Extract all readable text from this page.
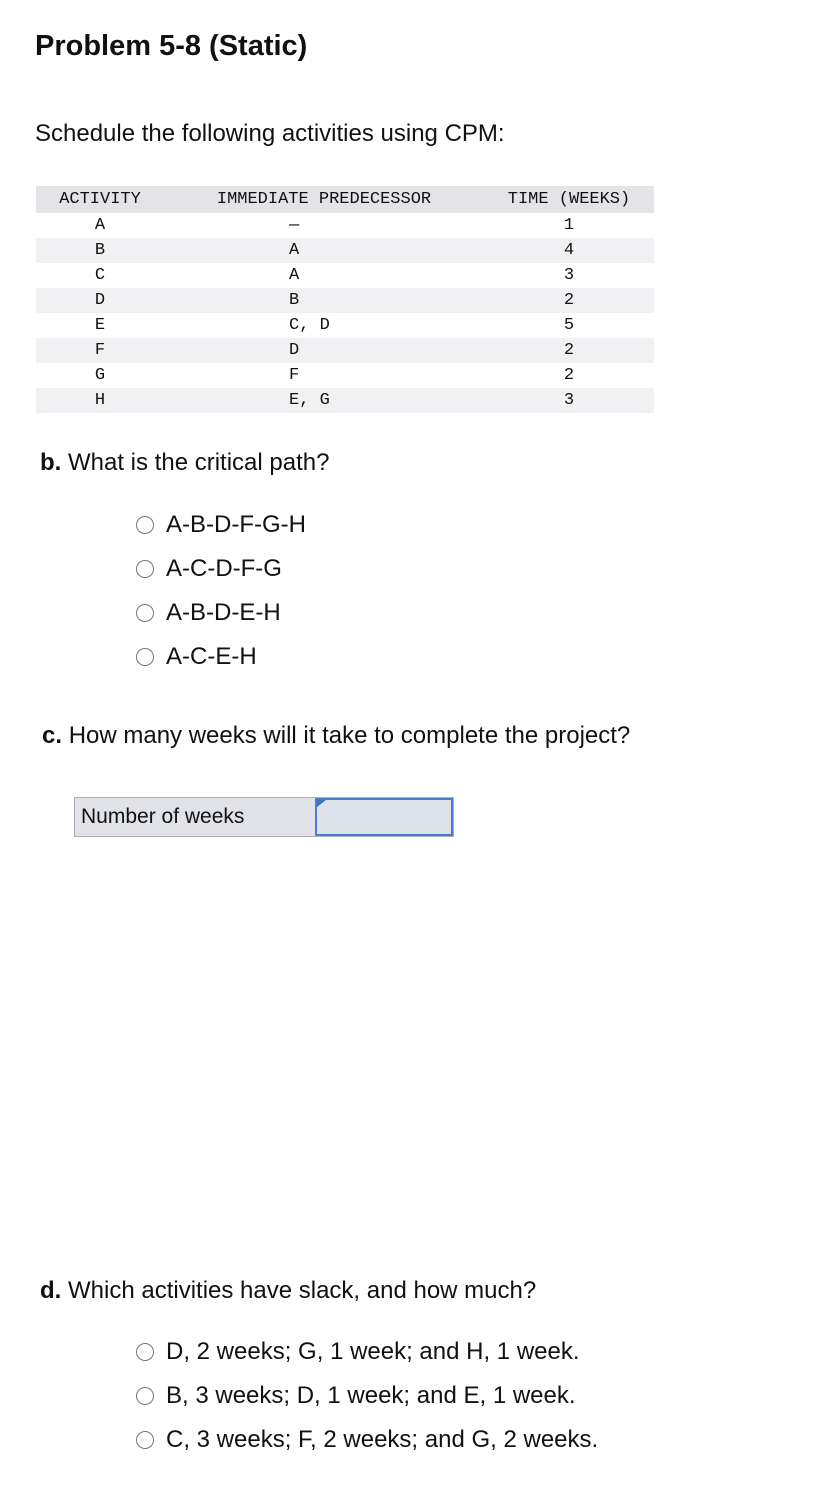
Problem 5-8 (Static)
Schedule the following activities using CPM:
ACTIVITY	IMMEDIATE PREDECESSOR	TIME (WEEKS)
A	—	1
B	A	4
C	A	3
D	B	2
E	C, D	5
F	D	2
G	F	2
H	E, G	3
b. What is the critical path?
A-B-D-F-G-H
A-C-D-F-G
A-B-D-E-H
A-C-E-H
c. How many weeks will it take to complete the project?
Number of weeks
d. Which activities have slack, and how much?
D, 2 weeks; G, 1 week; and H, 1 week.
B, 3 weeks; D, 1 week; and E, 1 week.
C, 3 weeks; F, 2 weeks; and G, 2 weeks.
